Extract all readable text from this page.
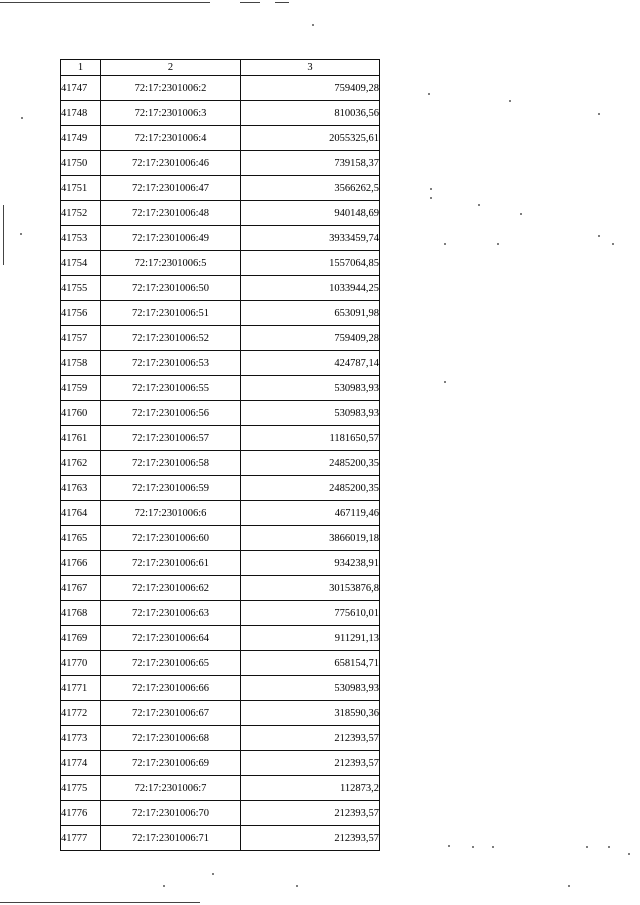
1	2	3
41747	72:17:2301006:2	759409,28
41748	72:17:2301006:3	810036,56
41749	72:17:2301006:4	2055325,61
41750	72:17:2301006:46	739158,37
41751	72:17:2301006:47	3566262,5
41752	72:17:2301006:48	940148,69
41753	72:17:2301006:49	3933459,74
41754	72:17:2301006:5	1557064,85
41755	72:17:2301006:50	1033944,25
41756	72:17:2301006:51	653091,98
41757	72:17:2301006:52	759409,28
41758	72:17:2301006:53	424787,14
41759	72:17:2301006:55	530983,93
41760	72:17:2301006:56	530983,93
41761	72:17:2301006:57	1181650,57
41762	72:17:2301006:58	2485200,35
41763	72:17:2301006:59	2485200,35
41764	72:17:2301006:6	467119,46
41765	72:17:2301006:60	3866019,18
41766	72:17:2301006:61	934238,91
41767	72:17:2301006:62	30153876,8
41768	72:17:2301006:63	775610,01
41769	72:17:2301006:64	911291,13
41770	72:17:2301006:65	658154,71
41771	72:17:2301006:66	530983,93
41772	72:17:2301006:67	318590,36
41773	72:17:2301006:68	212393,57
41774	72:17:2301006:69	212393,57
41775	72:17:2301006:7	112873,2
41776	72:17:2301006:70	212393,57
41777	72:17:2301006:71	212393,57
